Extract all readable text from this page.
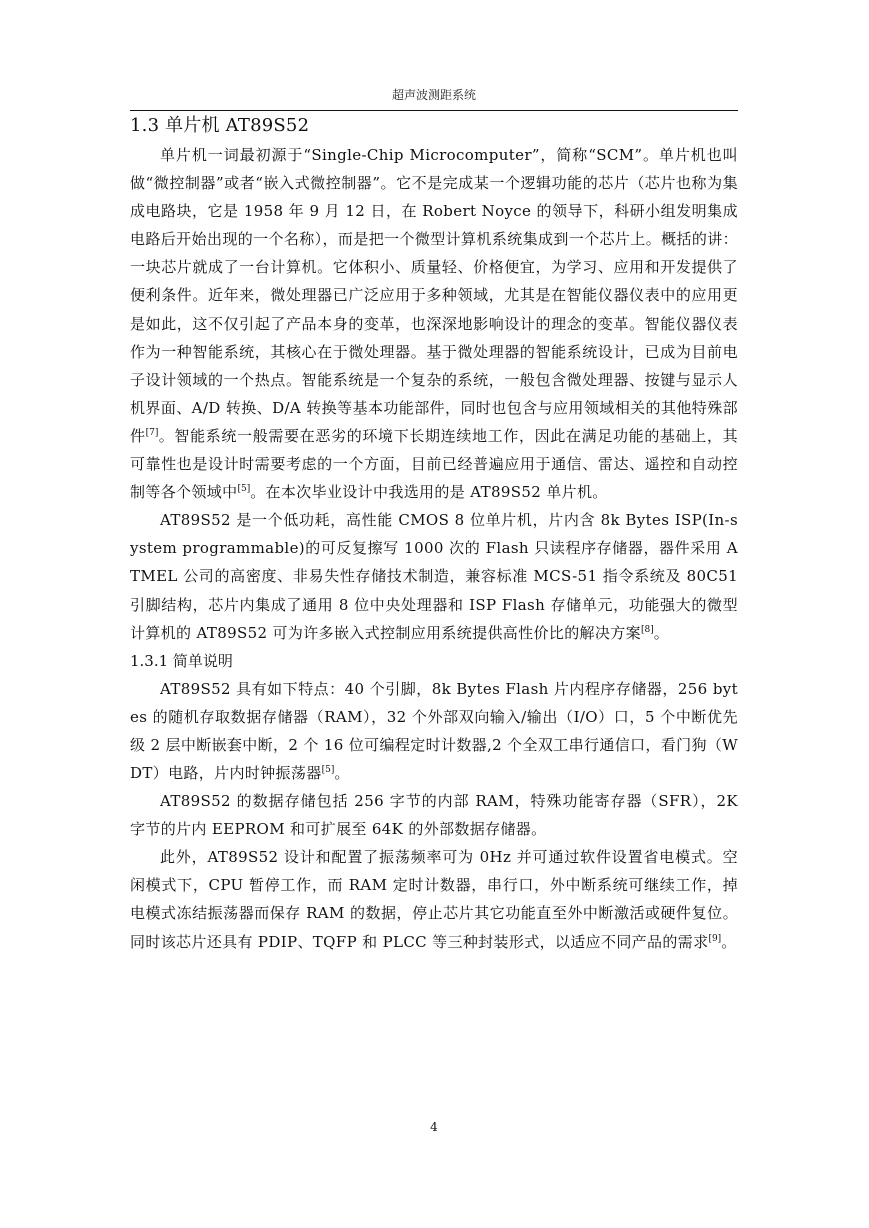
超声波测距系统
1.3 单片机 AT89S52

单片机一词最初源于“Single-Chip Microcomputer”，简称“SCM”。单片机也叫做“微控制器”或者“嵌入式微控制器”。它不是完成某一个逻辑功能的芯片（芯片也称为集成电路块，它是 1958 年 9 月 12 日，在 Robert Noyce 的领导下，科研小组发明集成电路后开始出现的一个名称），而是把一个微型计算机系统集成到一个芯片上。概括的讲：一块芯片就成了一台计算机。它体积小、质量轻、价格便宜，为学习、应用和开发提供了便利条件。近年来，微处理器已广泛应用于多种领域，尤其是在智能仪器仪表中的应用更是如此，这不仅引起了产品本身的变革，也深深地影响设计的理念的变革。智能仪器仪表作为一种智能系统，其核心在于微处理器。基于微处理器的智能系统设计，已成为目前电子设计领域的一个热点。智能系统是一个复杂的系统，一般包含微处理器、按键与显示人机界面、A/D 转换、D/A 转换等基本功能部件，同时也包含与应用领域相关的其他特殊部件[7]。智能系统一般需要在恶劣的环境下长期连续地工作，因此在满足功能的基础上，其可靠性也是设计时需要考虑的一个方面，目前已经普遍应用于通信、雷达、遥控和自动控制等各个领域中[5]。在本次毕业设计中我选用的是 AT89S52 单片机。

AT89S52 是一个低功耗，高性能 CMOS 8 位单片机，片内含 8k Bytes ISP(In-system programmable)的可反复擦写 1000 次的 Flash 只读程序存储器，器件采用 ATMEL 公司的高密度、非易失性存储技术制造，兼容标准 MCS-51 指令系统及 80C51 引脚结构，芯片内集成了通用 8 位中央处理器和 ISP Flash 存储单元，功能强大的微型计算机的 AT89S52 可为许多嵌入式控制应用系统提供高性价比的解决方案[8]。

1.3.1 简单说明

AT89S52 具有如下特点：40 个引脚，8k Bytes Flash 片内程序存储器，256 bytes 的随机存取数据存储器（RAM），32 个外部双向输入/输出（I/O）口，5 个中断优先级 2 层中断嵌套中断，2 个 16 位可编程定时计数器,2 个全双工串行通信口，看门狗（WDT）电路，片内时钟振荡器[5]。

AT89S52 的数据存储包括 256 字节的内部 RAM，特殊功能寄存器（SFR），2K 字节的片内 EEPROM 和可扩展至 64K 的外部数据存储器。

此外，AT89S52 设计和配置了振荡频率可为 0Hz 并可通过软件设置省电模式。空闲模式下，CPU 暂停工作，而 RAM 定时计数器，串行口，外中断系统可继续工作，掉电模式冻结振荡器而保存 RAM 的数据，停止芯片其它功能直至外中断激活或硬件复位。同时该芯片还具有 PDIP、TQFP 和 PLCC 等三种封装形式，以适应不同产品的需求[9]。

4
